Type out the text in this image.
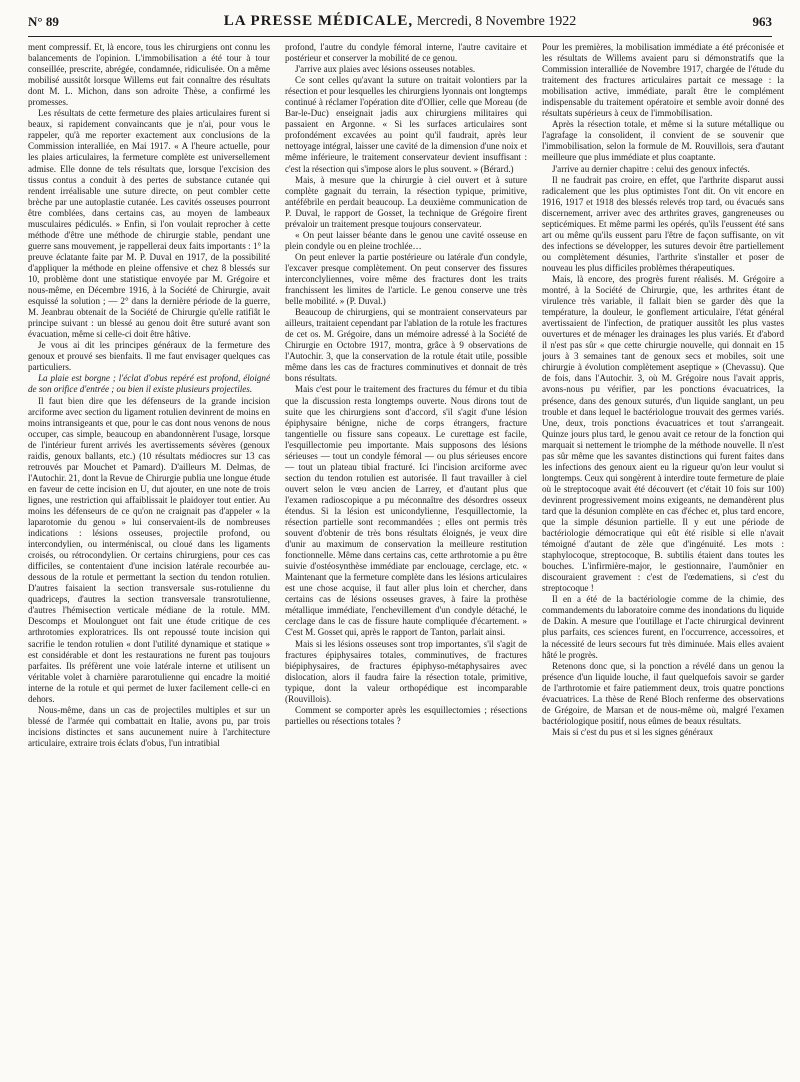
N° 89	LA PRESSE MÉDICALE, Mercredi, 8 Novembre 1922	963

ment compressif. Et, là encore, tous les chirurgiens ont connu les balancements de l'opinion. L'immobilisation a été tour à tour conseillée, prescrite, abrégée, condamnée, ridiculisée. On a même mobilisé aussitôt lorsque Willems eut fait connaître des résultats dont M. L. Michon, dans son adroite Thèse, a confirmé les promesses.

Les résultats de cette fermeture des plaies articulaires furent si beaux, si rapidement convaincants que je n'ai, pour vous le rappeler, qu'à me reporter exactement aux conclusions de la Commission interalliée, en Mai 1917. « A l'heure actuelle, pour les plaies articulaires, la fermeture complète est universellement admise. Elle donne de tels résultats que, lorsque l'excision des tissus contus a conduit à des pertes de substance cutanée qui rendent irréalisable une suture directe, on peut combler cette brèche par une autoplastie cutanée. Les cavités osseuses pourront être comblées, dans certains cas, au moyen de lambeaux musculaires pédiculés. » Enfin, si l'on voulait reprocher à cette méthode d'être une méthode de chirurgie stable, pendant une guerre sans mouvement, je rappellerai deux faits importants : 1° la preuve éclatante faite par M. P. Duval en 1917, de la possibilité d'appliquer la méthode en pleine offensive et chez 8 blessés sur 10, problème dont une statistique envoyée par M. Grégoire et nous-même, en Décembre 1916, à la Société de Chirurgie, avait esquissé la solution ; — 2° dans la dernière période de la guerre, M. Jeanbrau obtenait de la Société de Chirurgie qu'elle ratifiât le principe suivant : un blessé au genou doit être suturé avant son évacuation, même si celle-ci doit être hâtive.

Je vous ai dit les principes généraux de la fermeture des genoux et prouvé ses bienfaits. Il me faut envisager quelques cas particuliers.

La plaie est borgne ; l'éclat d'obus repéré est profond, éloigné de son orifice d'entrée ; ou bien il existe plusieurs projectiles.

Il faut bien dire que les défenseurs de la grande incision arciforme avec section du ligament rotulien devinrent de moins en moins intransigeants et que, pour le cas dont nous venons de nous occuper, cas simple, beaucoup en abandonnèrent l'usage, lorsque de l'intérieur furent arrivés les avertissements sévères (genoux raidis, genoux ballants, etc.) (10 résultats médiocres sur 13 cas retrouvés par Mouchet et Pamard). D'ailleurs M. Delmas, de l'Autochir. 21, dont la Revue de Chirurgie publia une longue étude en faveur de cette incision en U, dut ajouter, en une note de trois lignes, une restriction qui affaiblissait le plaidoyer tout entier. Au moins les défenseurs de ce qu'on ne craignait pas d'appeler « la laparotomie du genou » lui conservaient-ils de nombreuses indications : lésions osseuses, projectile profond, ou intercondylien, ou interméniscal, ou cloué dans les ligaments croisés, ou rétrocondylien. Or certains chirurgiens, pour ces cas difficiles, se contentaient d'une incision latérale recourbée au-dessous de la rotule et permettant la section du tendon rotulien. D'autres faisaient la section transversale sus-rotulienne du quadriceps, d'autres la section transversale transrotulienne, d'autres l'hémisection verticale médiane de la rotule. MM. Descomps et Moulonguet ont fait une étude critique de ces arthrotomies exploratrices. Ils ont repoussé toute incision qui sacrifie le tendon rotulien « dont l'utilité dynamique et statique » est considérable et dont les restaurations ne furent pas toujours parfaites. Ils préfèrent une voie latérale interne et utilisent un véritable volet à charnière pararotulienne qui encadre la moitié interne de la rotule et qui permet de luxer facilement celle-ci en dehors.

Nous-même, dans un cas de projectiles multiples et sur un blessé de l'armée qui combattait en Italie, avons pu, par trois incisions distinctes et sans aucunement nuire à l'architecture articulaire, extraire trois éclats d'obus, l'un intratibial

profond, l'autre du condyle fémoral interne, l'autre cavitaire et postérieur et conserver la mobilité de ce genou.

J'arrive aux plaies avec lésions osseuses notables.

Ce sont celles qu'avant la suture on traitait volontiers par la résection et pour lesquelles les chirurgiens lyonnais ont longtemps continué à réclamer l'opération dite d'Ollier, celle que Moreau (de Bar-le-Duc) enseignait jadis aux chirurgiens militaires qui passaient en Argonne. « Si les surfaces articulaires sont profondément excavées au point qu'il faudrait, après leur nettoyage intégral, laisser une cavité de la dimension d'une noix et même inférieure, le traitement conservateur devient insuffisant : c'est la résection qui s'impose alors le plus souvent. » (Bérard.)

Mais, à mesure que la chirurgie à ciel ouvert et à suture complète gagnait du terrain, la résection typique, primitive, antéfébrile en perdait beaucoup. La deuxième communication de P. Duval, le rapport de Gosset, la technique de Grégoire firent prévaloir un traitement presque toujours conservateur.

« On peut laisser béante dans le genou une cavité osseuse en plein condyle ou en pleine trochlée…

On peut enlever la partie postérieure ou latérale d'un condyle, l'excaver presque complètement. On peut conserver des fissures interconclyliennes, voire même des fractures dont les traits franchissent les limites de l'article. Le genou conserve une très belle mobilité. » (P. Duval.)

Beaucoup de chirurgiens, qui se montraient conservateurs par ailleurs, traitaient cependant par l'ablation de la rotule les fractures de cet os. M. Grégoire, dans un mémoire adressé à la Société de Chirurgie en Octobre 1917, montra, grâce à 9 observations de l'Autochir. 3, que la conservation de la rotule était utile, possible même dans les cas de fractures comminutives et donnait de très bons résultats.

Mais c'est pour le traitement des fractures du fémur et du tibia que la discussion resta longtemps ouverte. Nous dirons tout de suite que les chirurgiens sont d'accord, s'il s'agit d'une lésion épiphysaire bénigne, niche de corps étrangers, fracture tangentielle ou fissure sans copeaux. Le curettage est facile, l'esquillectomie peu importante. Mais supposons des lésions sérieuses — tout un condyle fémoral — ou plus sérieuses encore — tout un plateau tibial fracturé. Ici l'incision arciforme avec section du tendon rotulien est autorisée. Il faut travailler à ciel ouvert selon le vœu ancien de Larrey, et d'autant plus que l'examen radioscopique a pu méconnaître des désordres osseux étendus. Si la lésion est unicondylienne, l'esquillectomie, la résection partielle sont recommandées ; elles ont permis très souvent d'obtenir de très bons résultats éloignés, je veux dire d'unir au maximum de conservation la meilleure restitution fonctionnelle. Même dans certains cas, cette arthrotomie a pu être suivie d'ostéosynthèse immédiate par enclouage, cerclage, etc. « Maintenant que la fermeture complète dans les lésions articulaires est une chose acquise, il faut aller plus loin et chercher, dans certains cas de lésions osseuses graves, à faire la prothèse métallique immédiate, l'enchevillement d'un condyle détaché, le cerclage dans le cas de fissure haute compliquée d'écartement. » C'est M. Gosset qui, après le rapport de Tanton, parlait ainsi.

Mais si les lésions osseuses sont trop importantes, s'il s'agit de fractures épiphysaires totales, comminutives, de fractures biépiphysaires, de fractures épiphyso-métaphysaires avec dislocation, alors il faudra faire la résection totale, primitive, typique, dont la valeur orthopédique est incomparable (Rouvillois).

Comment se comporter après les esquillectomies ; résections partielles ou résections totales ?

Pour les premières, la mobilisation immédiate a été préconisée et les résultats de Willems avaient paru si démonstratifs que la Commission interalliée de Novembre 1917, chargée de l'étude du traitement des fractures articulaires partait ce message : la mobilisation active, immédiate, paraît être le complément indispensable du traitement opératoire et semble avoir donné des résultats supérieurs à ceux de l'immobilisation.

Après la résection totale, et même si la suture métallique ou l'agrafage la consolident, il convient de se souvenir que l'immobilisation, selon la formule de M. Rouvillois, sera d'autant meilleure que plus immédiate et plus coaptante.

J'arrive au dernier chapitre : celui des genoux infectés.

Il ne faudrait pas croire, en effet, que l'arthrite disparut aussi radicalement que les plus optimistes l'ont dit. On vit encore en 1916, 1917 et 1918 des blessés relevés trop tard, ou évacués sans discernement, arriver avec des arthrites graves, gangreneuses ou septicémiques. Et même parmi les opérés, qu'ils l'eussent été sans art ou même qu'ils eussent paru l'être de façon suffisante, on vit des infections se développer, les sutures devoir être partiellement ou complètement désunies, l'arthrite s'installer et poser de nouveau les plus difficiles problèmes thérapeutiques.

Mais, là encore, des progrès furent réalisés. M. Grégoire a montré, à la Société de Chirurgie, que, les arthrites étant de virulence très variable, il fallait bien se garder dès que la température, la douleur, le gonflement articulaire, l'état général avertissaient de l'infection, de pratiquer aussitôt les plus vastes ouvertures et de ménager les drainages les plus variés. Et d'abord il n'est pas sûr « que cette chirurgie nouvelle, qui donnait en 15 jours à 3 semaines tant de genoux secs et mobiles, soit une chirurgie à évolution complètement aseptique » (Chevassu). Que de fois, dans l'Autochir. 3, où M. Grégoire nous l'avait appris, avons-nous pu vérifier, par les ponctions évacuatrices, la présence, dans des genoux suturés, d'un liquide sanglant, un peu trouble et dans lequel le bactériologue trouvait des germes variés. Une, deux, trois ponctions évacuatrices et tout s'arrangeait. Quinze jours plus tard, le genou avait ce retour de la fonction qui marquait si nettement le triomphe de la méthode nouvelle. Il n'est pas sûr même que les savantes distinctions qui furent faites dans les infections des genoux aient eu la rigueur qu'on leur voulut si longtemps. Ceux qui songèrent à interdire toute fermeture de plaie où le streptocoque avait été découvert (et c'était 10 fois sur 100) devinrent progressivement moins exigeants, ne demandèrent plus tard que la désunion complète en cas d'échec et, plus tard encore, que la simple désunion partielle. Il y eut une période de bactériologie démocratique qui eût été risible si elle n'avait témoigné d'autant de zèle que d'ingénuité. Les mots : staphylocoque, streptocoque, B. subtilis étaient dans toutes les bouches. L'infirmière-major, le gestionnaire, l'aumônier en discouraient gravement : c'est de l'œdematiens, si c'est du streptocoque !

Il en a été de la bactériologie comme de la chimie, des commandements du laboratoire comme des inondations du liquide de Dakin. A mesure que l'outillage et l'acte chirurgical devinrent plus parfaits, ces sciences furent, en l'occurrence, accessoires, et la nécessité de leurs secours fut très diminuée. Mais elles avaient hâté le progrès.

Retenons donc que, si la ponction a révélé dans un genou la présence d'un liquide louche, il faut quelquefois savoir se garder de l'arthrotomie et faire patiemment deux, trois quatre ponctions évacuatrices. La thèse de René Bloch renferme des observations de Grégoire, de Marsan et de nous-même où, malgré l'examen bactériologique positif, nous eûmes de beaux résultats.

Mais si c'est du pus et si les signes généraux
